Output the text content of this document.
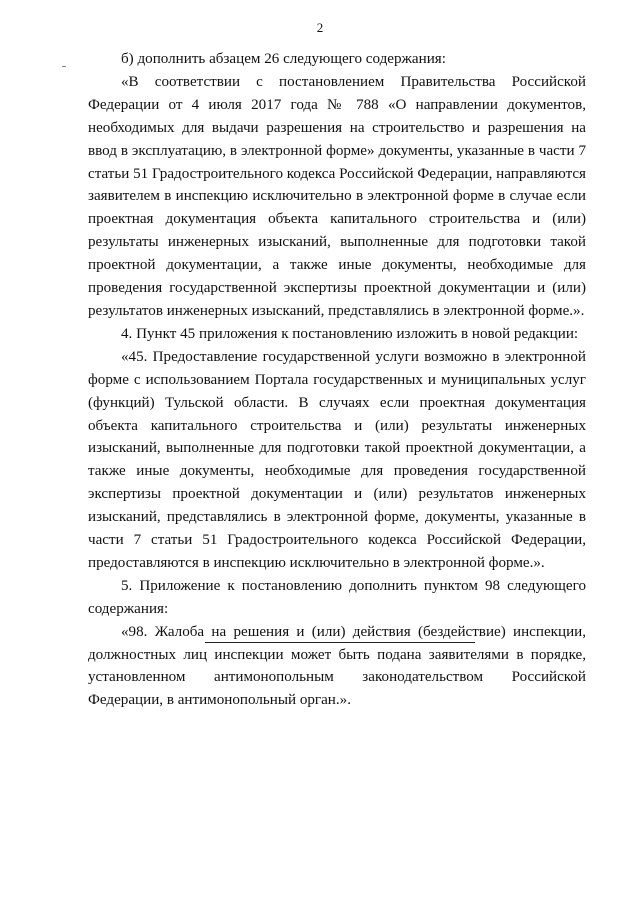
2

б) дополнить абзацем 26 следующего содержания:

«В соответствии с постановлением Правительства Российской Федерации от 4 июля 2017 года № 788 «О направлении документов, необходимых для выдачи разрешения на строительство и разрешения на ввод в эксплуатацию, в электронной форме» документы, указанные в части 7 статьи 51 Градостроительного кодекса Российской Федерации, направляются заявителем в инспекцию исключительно в электронной форме в случае если проектная документация объекта капитального строительства и (или) результаты инженерных изысканий, выполненные для подготовки такой проектной документации, а также иные документы, необходимые для проведения государственной экспертизы проектной документации и (или) результатов инженерных изысканий, представлялись в электронной форме.».

4. Пункт 45 приложения к постановлению изложить в новой редакции:

«45. Предоставление государственной услуги возможно в электронной форме с использованием Портала государственных и муниципальных услуг (функций) Тульской области. В случаях если проектная документация объекта капитального строительства и (или) результаты инженерных изысканий, выполненные для подготовки такой проектной документации, а также иные документы, необходимые для проведения государственной экспертизы проектной документации и (или) результатов инженерных изысканий, представлялись в электронной форме, документы, указанные в части 7 статьи 51 Градостроительного кодекса Российской Федерации, предоставляются в инспекцию исключительно в электронной форме.».

5. Приложение к постановлению дополнить пунктом 98 следующего содержания:

«98. Жалоба на решения и (или) действия (бездействие) инспекции, должностных лиц инспекции может быть подана заявителями в порядке, установленном антимонопольным законодательством Российской Федерации, в антимонопольный орган.».
